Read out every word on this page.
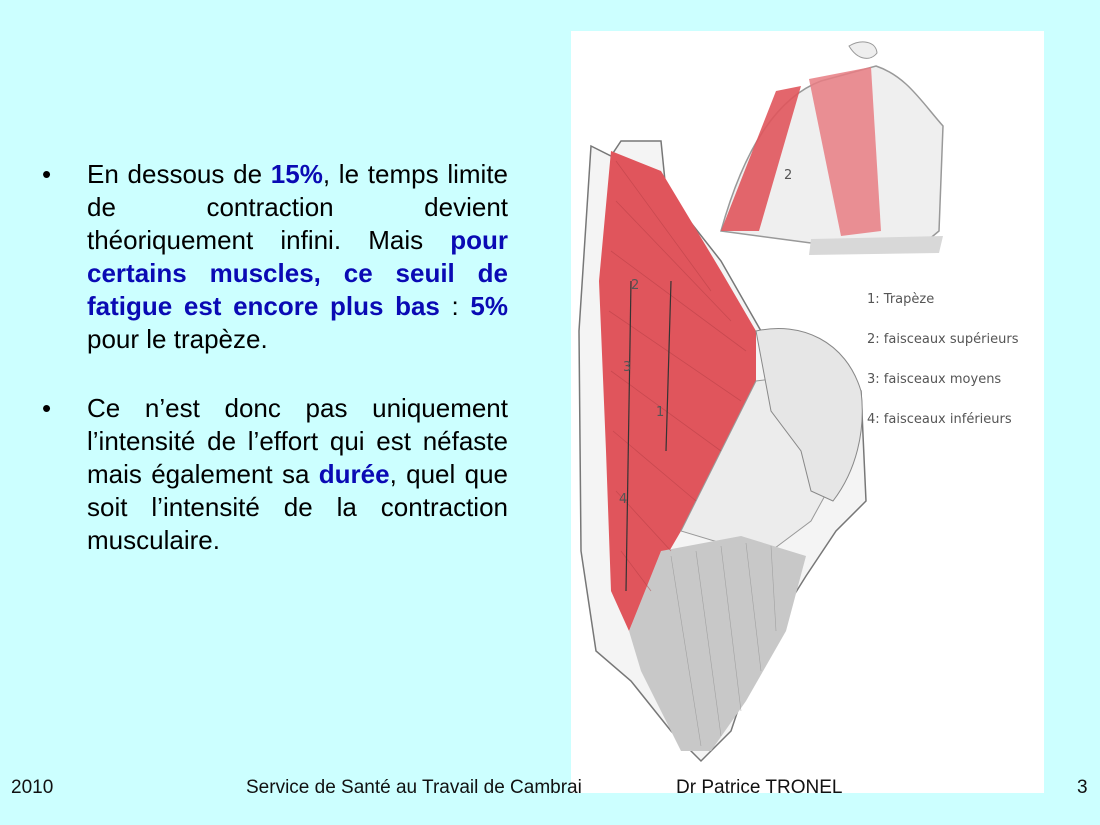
•	En dessous de 15%, le temps limite de contraction devient théoriquement infini. Mais pour certains muscles, ce seuil de fatigue est encore plus bas : 5% pour le trapèze.
•	Ce n’est donc pas uniquement l’intensité de l’effort qui est néfaste mais également sa durée, quel que soit l’intensité de la contraction musculaire.
2
2
3
1
4
1: Trapèze
2: faisceaux supérieurs
3: faisceaux moyens
4: faisceaux inférieurs
2010	Service de Santé au Travail de Cambrai	Dr Patrice TRONEL	3
